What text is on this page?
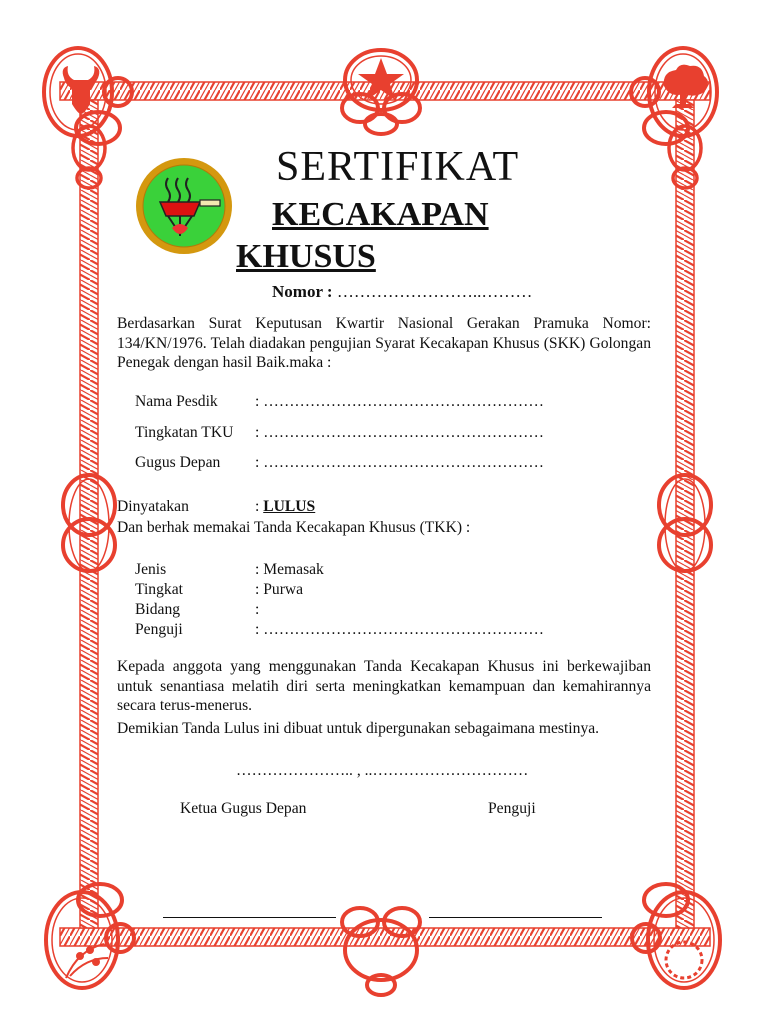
SERTIFIKAT
KECAKAPAN
KHUSUS
Nomor : ……………………..………
Berdasarkan Surat Keputusan Kwartir Nasional Gerakan Pramuka Nomor: 134/KN/1976. Telah diadakan pengujian Syarat Kecakapan Khusus (SKK) Golongan Penegak dengan hasil Baik.maka :
Nama Pesdik : ………………………………………………
Tingkatan TKU : ………………………………………………
Gugus Depan : ………………………………………………
Dinyatakan	: LULUS
Dan berhak memakai Tanda Kecakapan Khusus (TKK) :
Jenis	: Memasak
Tingkat	: Purwa
Bidang	:
Penguji	: ………………………………………………
Kepada anggota yang menggunakan Tanda Kecakapan Khusus ini berkewajiban untuk senantiasa melatih diri serta meningkatkan kemampuan dan kemahirannya secara terus-menerus.
Demikian Tanda Lulus ini dibuat untuk dipergunakan sebagaimana mestinya.
………………….. , ..…………………………
Ketua Gugus Depan	Penguji
